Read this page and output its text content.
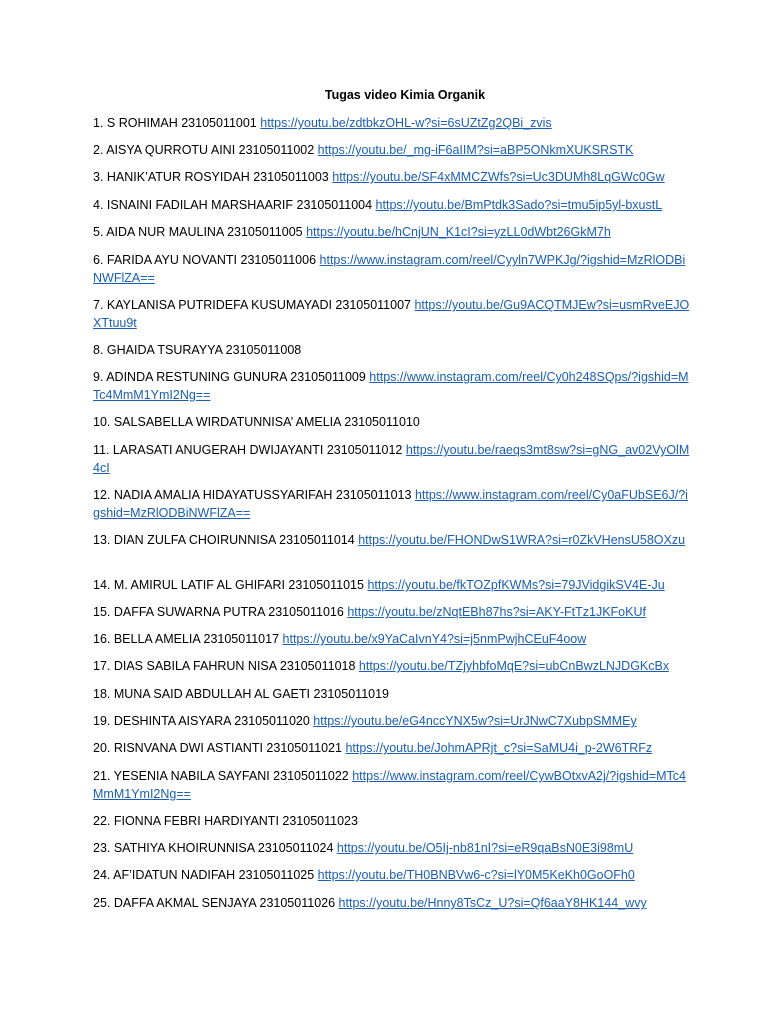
Tugas video Kimia Organik
1. S ROHIMAH 23105011001 https://youtu.be/zdtbkzOHL-w?si=6sUZtZg2QBi_zvis
2. AISYA QURROTU AINI 23105011002 https://youtu.be/_mg-iF6aIIM?si=aBP5ONkmXUKSRSTK
3. HANIK’ATUR ROSYIDAH 23105011003 https://youtu.be/SF4xMMCZWfs?si=Uc3DUMh8LqGWc0Gw
4. ISNAINI FADILAH MARSHAARIF 23105011004 https://youtu.be/BmPtdk3Sado?si=tmu5ip5yl-bxustL
5. AIDA NUR MAULINA 23105011005 https://youtu.be/hCnjUN_K1cI?si=yzLL0dWbt26GkM7h
6. FARIDA AYU NOVANTI 23105011006 https://www.instagram.com/reel/Cyyln7WPKJg/?igshid=MzRlODBiNWFlZA==
7. KAYLANISA PUTRIDEFA KUSUMAYADI 23105011007 https://youtu.be/Gu9ACQTMJEw?si=usmRveEJOXTtuu9t
8. GHAIDA TSURAYYA 23105011008
9. ADINDA RESTUNING GUNURA 23105011009 https://www.instagram.com/reel/Cy0h248SQps/?igshid=MTc4MmM1YmI2Ng==
10. SALSABELLA WIRDATUNNISA’ AMELIA 23105011010
11. LARASATI ANUGERAH DWIJAYANTI 23105011012 https://youtu.be/raeqs3mt8sw?si=gNG_av02VyOlM4cI
12. NADIA AMALIA HIDAYATUSSYARIFAH 23105011013 https://www.instagram.com/reel/Cy0aFUbSE6J/?igshid=MzRlODBiNWFlZA==
13. DIAN ZULFA CHOIRUNNISA 23105011014 https://youtu.be/FHONDwS1WRA?si=r0ZkVHensU58OXzu
14. M. AMIRUL LATIF AL GHIFARI 23105011015 https://youtu.be/fkTOZpfKWMs?si=79JVidgikSV4E-Ju
15. DAFFA SUWARNA PUTRA 23105011016 https://youtu.be/zNqtEBh87hs?si=AKY-FtTz1JKFoKUf
16. BELLA AMELIA 23105011017 https://youtu.be/x9YaCaIvnY4?si=j5nmPwjhCEuF4oow
17. DIAS SABILA FAHRUN NISA 23105011018 https://youtu.be/TZjyhbfoMqE?si=ubCnBwzLNJDGKcBx
18. MUNA SAID ABDULLAH AL GAETI 23105011019
19. DESHINTA AISYARA 23105011020 https://youtu.be/eG4nccYNX5w?si=UrJNwC7XubpSMMEy
20. RISNVANA DWI ASTIANTI 23105011021 https://youtu.be/JohmAPRjt_c?si=SaMU4i_p-2W6TRFz
21. YESENIA NABILA SAYFANI 23105011022 https://www.instagram.com/reel/CywBOtxvA2j/?igshid=MTc4MmM1YmI2Ng==
22. FIONNA FEBRI HARDIYANTI 23105011023
23. SATHIYA KHOIRUNNISA 23105011024 https://youtu.be/O5Ij-nb81nI?si=eR9qaBsN0E3i98mU
24. AF’IDATUN NADIFAH 23105011025 https://youtu.be/TH0BNBVw6-c?si=lY0M5KeKh0GoOFh0
25. DAFFA AKMAL SENJAYA 23105011026 https://youtu.be/Hnny8TsCz_U?si=Qf6aaY8HK144_wvy
